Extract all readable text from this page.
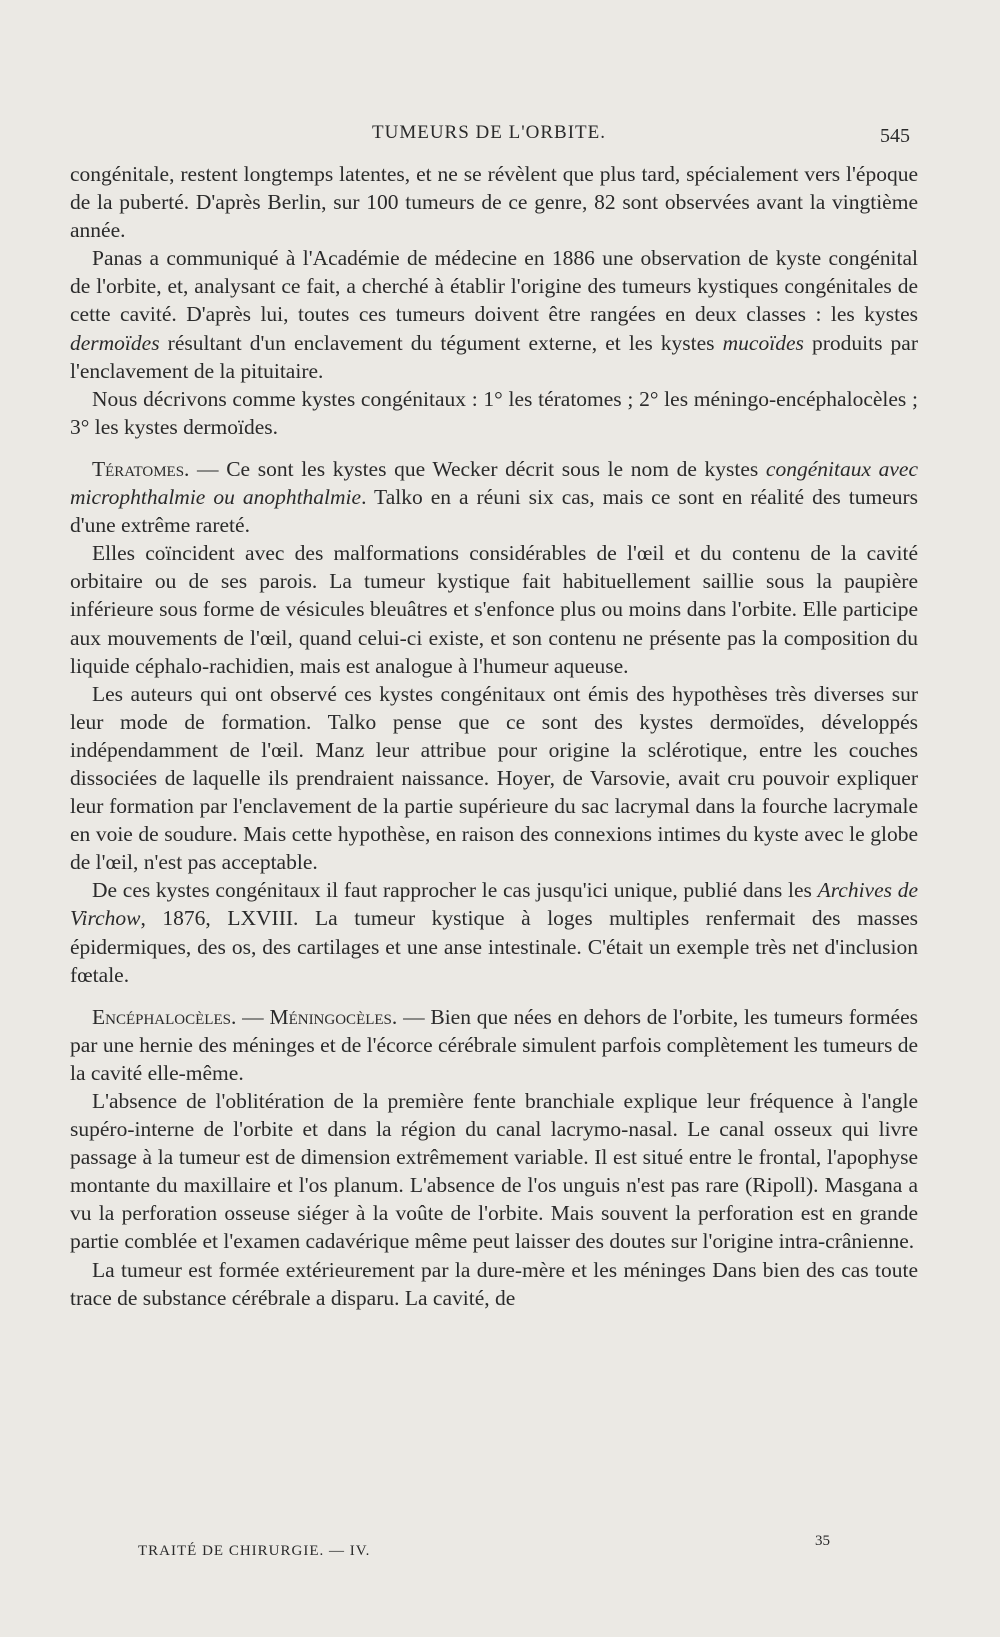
TUMEURS DE L'ORBITE.	545

congénitale, restent longtemps latentes, et ne se révèlent que plus tard, spécialement vers l'époque de la puberté. D'après Berlin, sur 100 tumeurs de ce genre, 82 sont observées avant la vingtième année.

Panas a communiqué à l'Académie de médecine en 1886 une observation de kyste congénital de l'orbite, et, analysant ce fait, a cherché à établir l'origine des tumeurs kystiques congénitales de cette cavité. D'après lui, toutes ces tumeurs doivent être rangées en deux classes : les kystes dermoïdes résultant d'un enclavement du tégument externe, et les kystes mucoïdes produits par l'enclavement de la pituitaire.

Nous décrivons comme kystes congénitaux : 1° les tératomes ; 2° les méningo-encéphalocèles ; 3° les kystes dermoïdes.

Tératomes. — Ce sont les kystes que Wecker décrit sous le nom de kystes congénitaux avec microphthalmie ou anophthalmie. Talko en a réuni six cas, mais ce sont en réalité des tumeurs d'une extrême rareté.

Elles coïncident avec des malformations considérables de l'œil et du contenu de la cavité orbitaire ou de ses parois. La tumeur kystique fait habituellement saillie sous la paupière inférieure sous forme de vésicules bleuâtres et s'enfonce plus ou moins dans l'orbite. Elle participe aux mouvements de l'œil, quand celui-ci existe, et son contenu ne présente pas la composition du liquide céphalo-rachidien, mais est analogue à l'humeur aqueuse.

Les auteurs qui ont observé ces kystes congénitaux ont émis des hypothèses très diverses sur leur mode de formation. Talko pense que ce sont des kystes dermoïdes, développés indépendamment de l'œil. Manz leur attribue pour origine la sclérotique, entre les couches dissociées de laquelle ils prendraient naissance. Hoyer, de Varsovie, avait cru pouvoir expliquer leur formation par l'enclavement de la partie supérieure du sac lacrymal dans la fourche lacrymale en voie de soudure. Mais cette hypothèse, en raison des connexions intimes du kyste avec le globe de l'œil, n'est pas acceptable.

De ces kystes congénitaux il faut rapprocher le cas jusqu'ici unique, publié dans les Archives de Virchow, 1876, LXVIII. La tumeur kystique à loges multiples renfermait des masses épidermiques, des os, des cartilages et une anse intestinale. C'était un exemple très net d'inclusion fœtale.

Encéphalocèles. — Méningocèles. — Bien que nées en dehors de l'orbite, les tumeurs formées par une hernie des méninges et de l'écorce cérébrale simulent parfois complètement les tumeurs de la cavité elle-même.

L'absence de l'oblitération de la première fente branchiale explique leur fréquence à l'angle supéro-interne de l'orbite et dans la région du canal lacrymo-nasal. Le canal osseux qui livre passage à la tumeur est de dimension extrêmement variable. Il est situé entre le frontal, l'apophyse montante du maxillaire et l'os planum. L'absence de l'os unguis n'est pas rare (Ripoll). Masgana a vu la perforation osseuse siéger à la voûte de l'orbite. Mais souvent la perforation est en grande partie comblée et l'examen cadavérique même peut laisser des doutes sur l'origine intra-crânienne.

La tumeur est formée extérieurement par la dure-mère et les méninges Dans bien des cas toute trace de substance cérébrale a disparu. La cavité, de

TRAITÉ DE CHIRURGIE. — IV.
35
